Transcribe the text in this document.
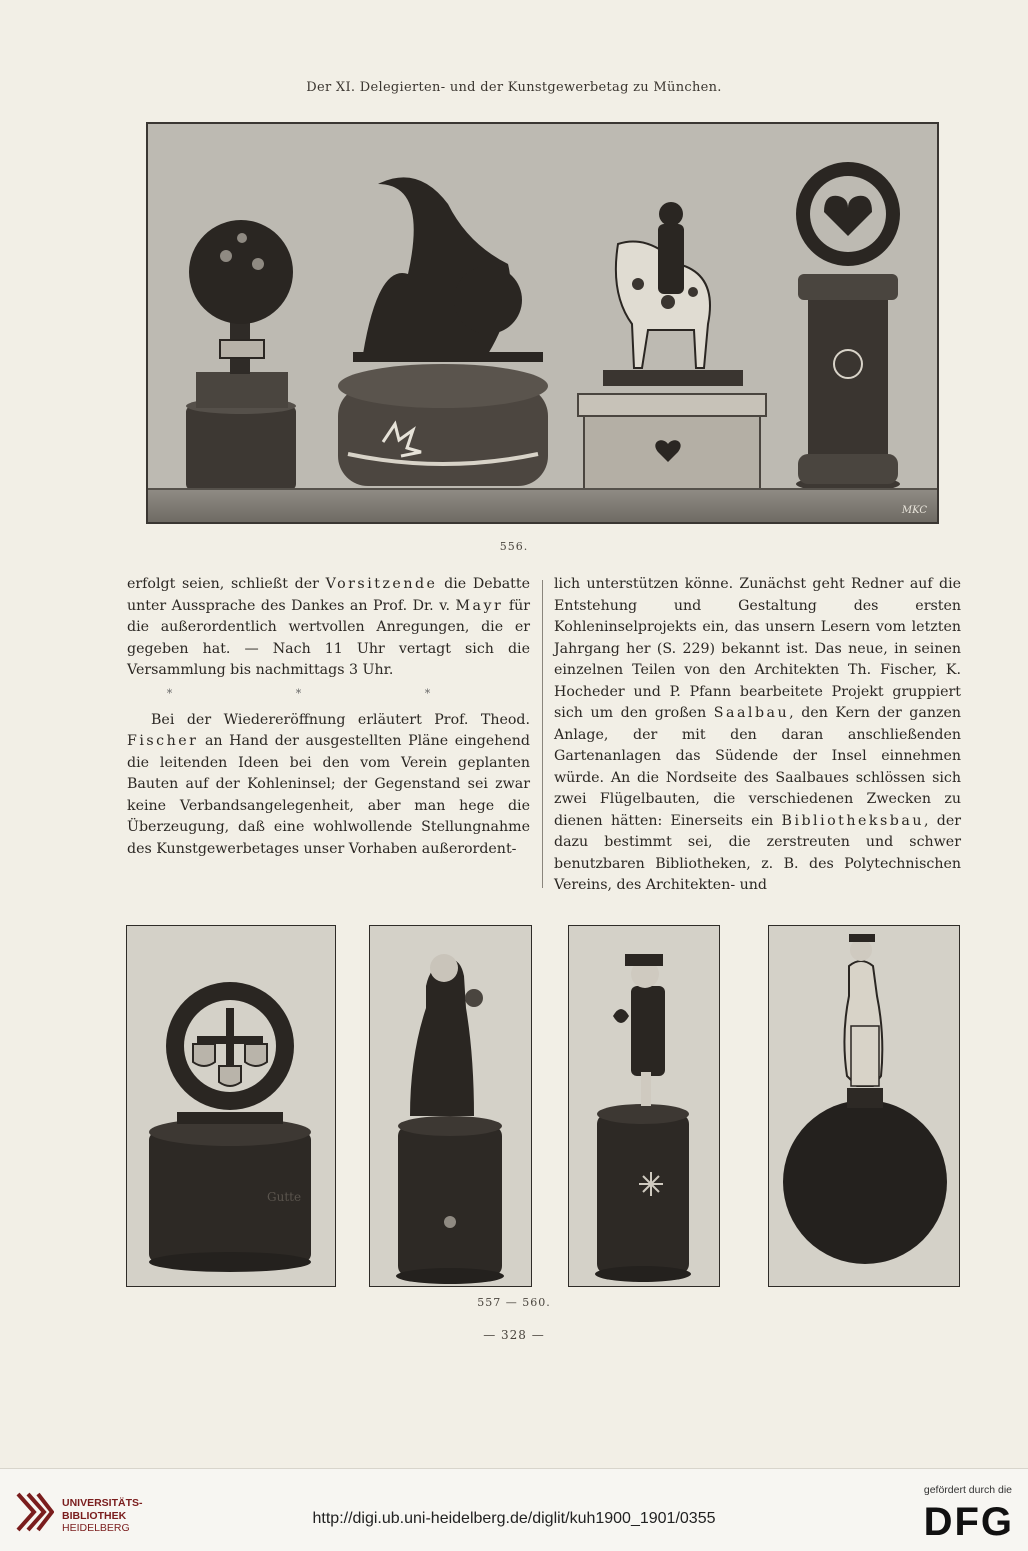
Der XI. Delegierten- und der Kunstgewerbetag zu München.
MKC
556.

erfolgt seien, schließt der Vorsitzende die Debatte unter Aussprache des Dankes an Prof. Dr. v. Mayr für die außerordentlich wertvollen Anregungen, die er gegeben hat. — Nach 11 Uhr vertagt sich die Versammlung bis nachmittags 3 Uhr.

* * *

Bei der Wiedereröffnung erläutert Prof. Theod. Fischer an Hand der ausgestellten Pläne eingehend die leitenden Ideen bei den vom Verein geplanten Bauten auf der Kohleninsel; der Gegenstand sei zwar keine Verbandsangelegenheit, aber man hege die Überzeugung, daß eine wohlwollende Stellungnahme des Kunstgewerbetages unser Vorhaben außerordent-

lich unterstützen könne. Zunächst geht Redner auf die Entstehung und Gestaltung des ersten Kohleninselprojekts ein, das unsern Lesern vom letzten Jahrgang her (S. 229) bekannt ist. Das neue, in seinen einzelnen Teilen von den Architekten Th. Fischer, K. Hocheder und P. Pfann bearbeitete Projekt gruppiert sich um den großen Saalbau, den Kern der ganzen Anlage, der mit den daran anschließenden Gartenanlagen das Südende der Insel einnehmen würde. An die Nordseite des Saalbaues schlössen sich zwei Flügelbauten, die verschiedenen Zwecken zu dienen hätten: Einerseits ein Bibliotheksbau, der dazu bestimmt sei, die zerstreuten und schwer benutzbaren Bibliotheken, z. B. des Polytechnischen Vereins, des Architekten- und

Gutte
557 — 560.
— 328 —
UNIVERSITÄTS-
BIBLIOTHEK
HEIDELBERG
http://digi.ub.uni-heidelberg.de/diglit/kuh1900_1901/0355
gefördert durch die
DFG
